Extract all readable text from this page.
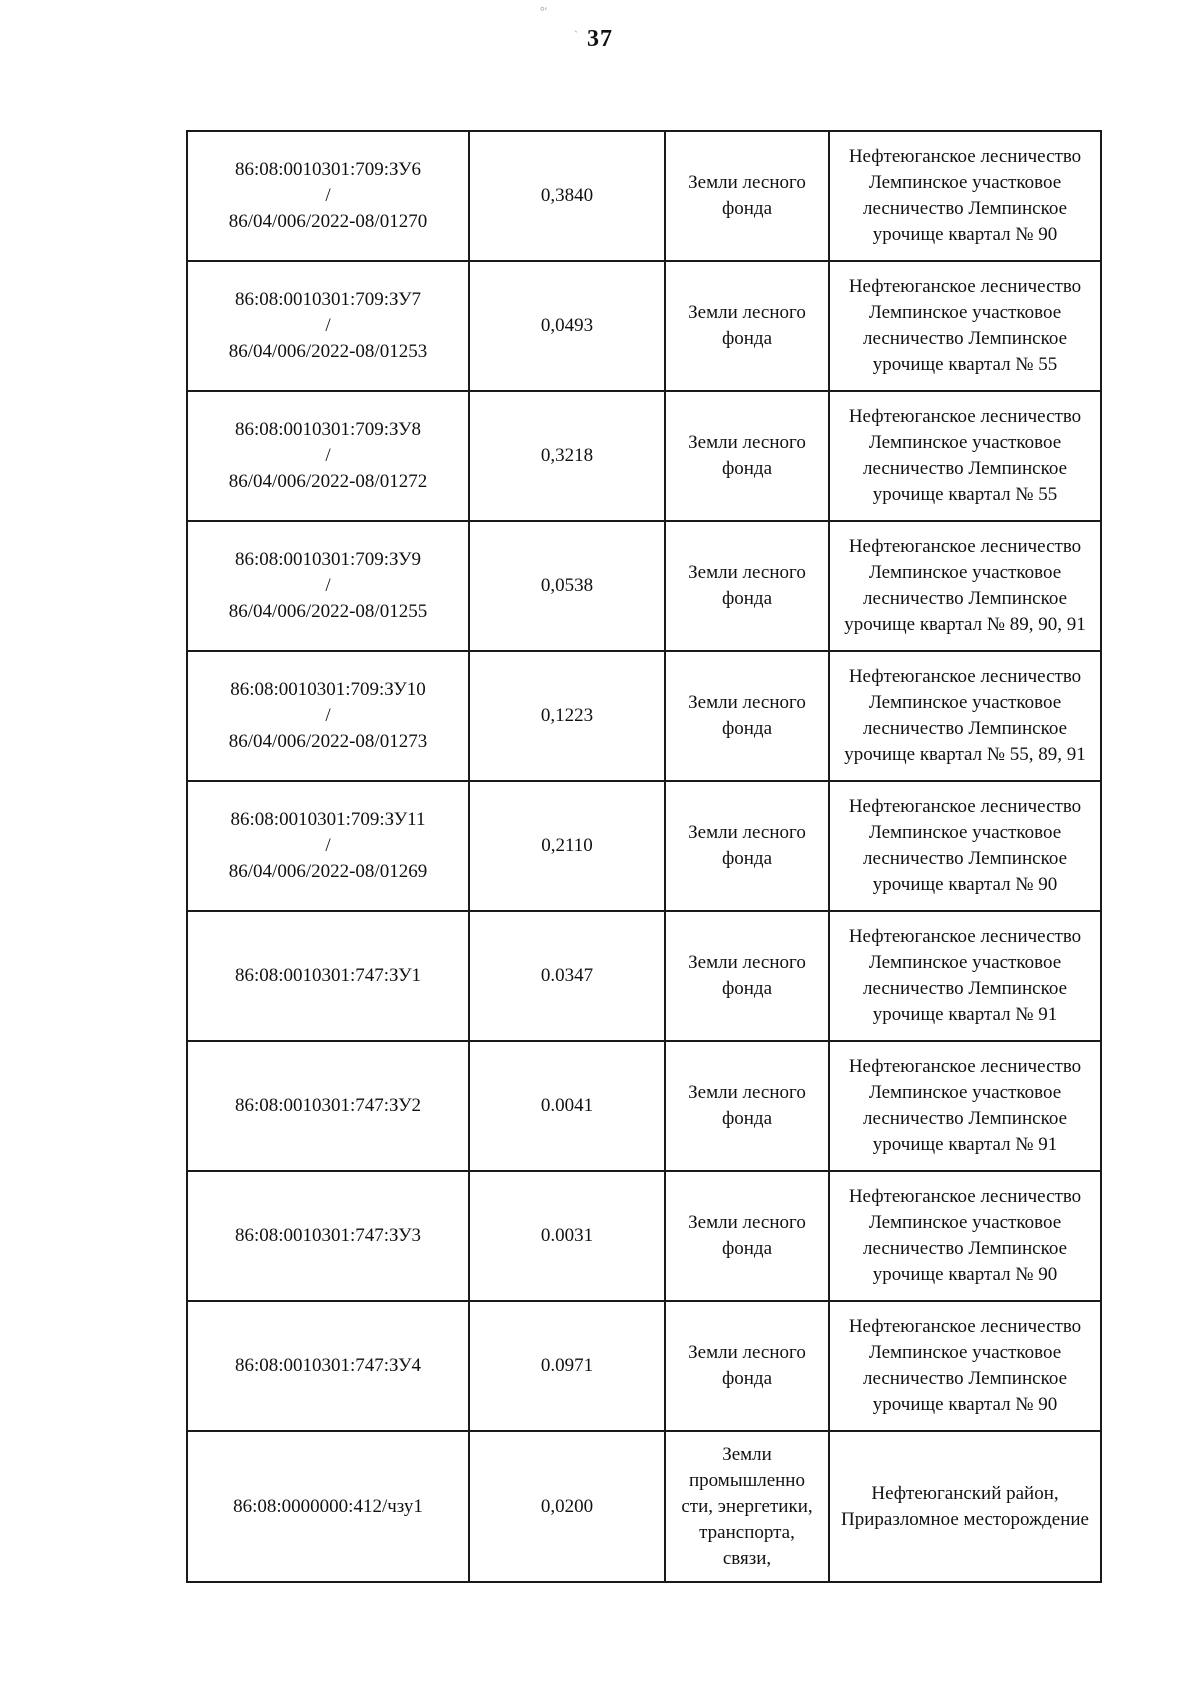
°′
` 37
86:08:0010301:709:ЗУ6
/
86/04/006/2022-08/01270	0,3840	Земли лесного фонда	Нефтеюганское лесничество Лемпинское участковое лесничество Лемпинское урочище квартал № 90

86:08:0010301:709:ЗУ7
/
86/04/006/2022-08/01253	0,0493	Земли лесного фонда	Нефтеюганское лесничество Лемпинское участковое лесничество Лемпинское урочище квартал № 55

86:08:0010301:709:ЗУ8
/
86/04/006/2022-08/01272	0,3218	Земли лесного фонда	Нефтеюганское лесничество Лемпинское участковое лесничество Лемпинское урочище квартал № 55

86:08:0010301:709:ЗУ9
/
86/04/006/2022-08/01255	0,0538	Земли лесного фонда	Нефтеюганское лесничество Лемпинское участковое лесничество Лемпинское урочище квартал № 89, 90, 91

86:08:0010301:709:ЗУ10
/
86/04/006/2022-08/01273	0,1223	Земли лесного фонда	Нефтеюганское лесничество Лемпинское участковое лесничество Лемпинское урочище квартал № 55, 89, 91

86:08:0010301:709:ЗУ11
/
86/04/006/2022-08/01269	0,2110	Земли лесного фонда	Нефтеюганское лесничество Лемпинское участковое лесничество Лемпинское урочище квартал № 90

86:08:0010301:747:ЗУ1	0.0347	Земли лесного фонда	Нефтеюганское лесничество Лемпинское участковое лесничество Лемпинское урочище квартал № 91

86:08:0010301:747:ЗУ2	0.0041	Земли лесного фонда	Нефтеюганское лесничество Лемпинское участковое лесничество Лемпинское урочище квартал № 91

86:08:0010301:747:ЗУ3	0.0031	Земли лесного фонда	Нефтеюганское лесничество Лемпинское участковое лесничество Лемпинское урочище квартал № 90

86:08:0010301:747:ЗУ4	0.0971	Земли лесного фонда	Нефтеюганское лесничество Лемпинское участковое лесничество Лемпинское урочище квартал № 90

86:08:0000000:412/чзу1	0,0200	Земли промышленно сти, энергетики, транспорта, связи,	Нефтеюганский район, Приразломное месторождение
